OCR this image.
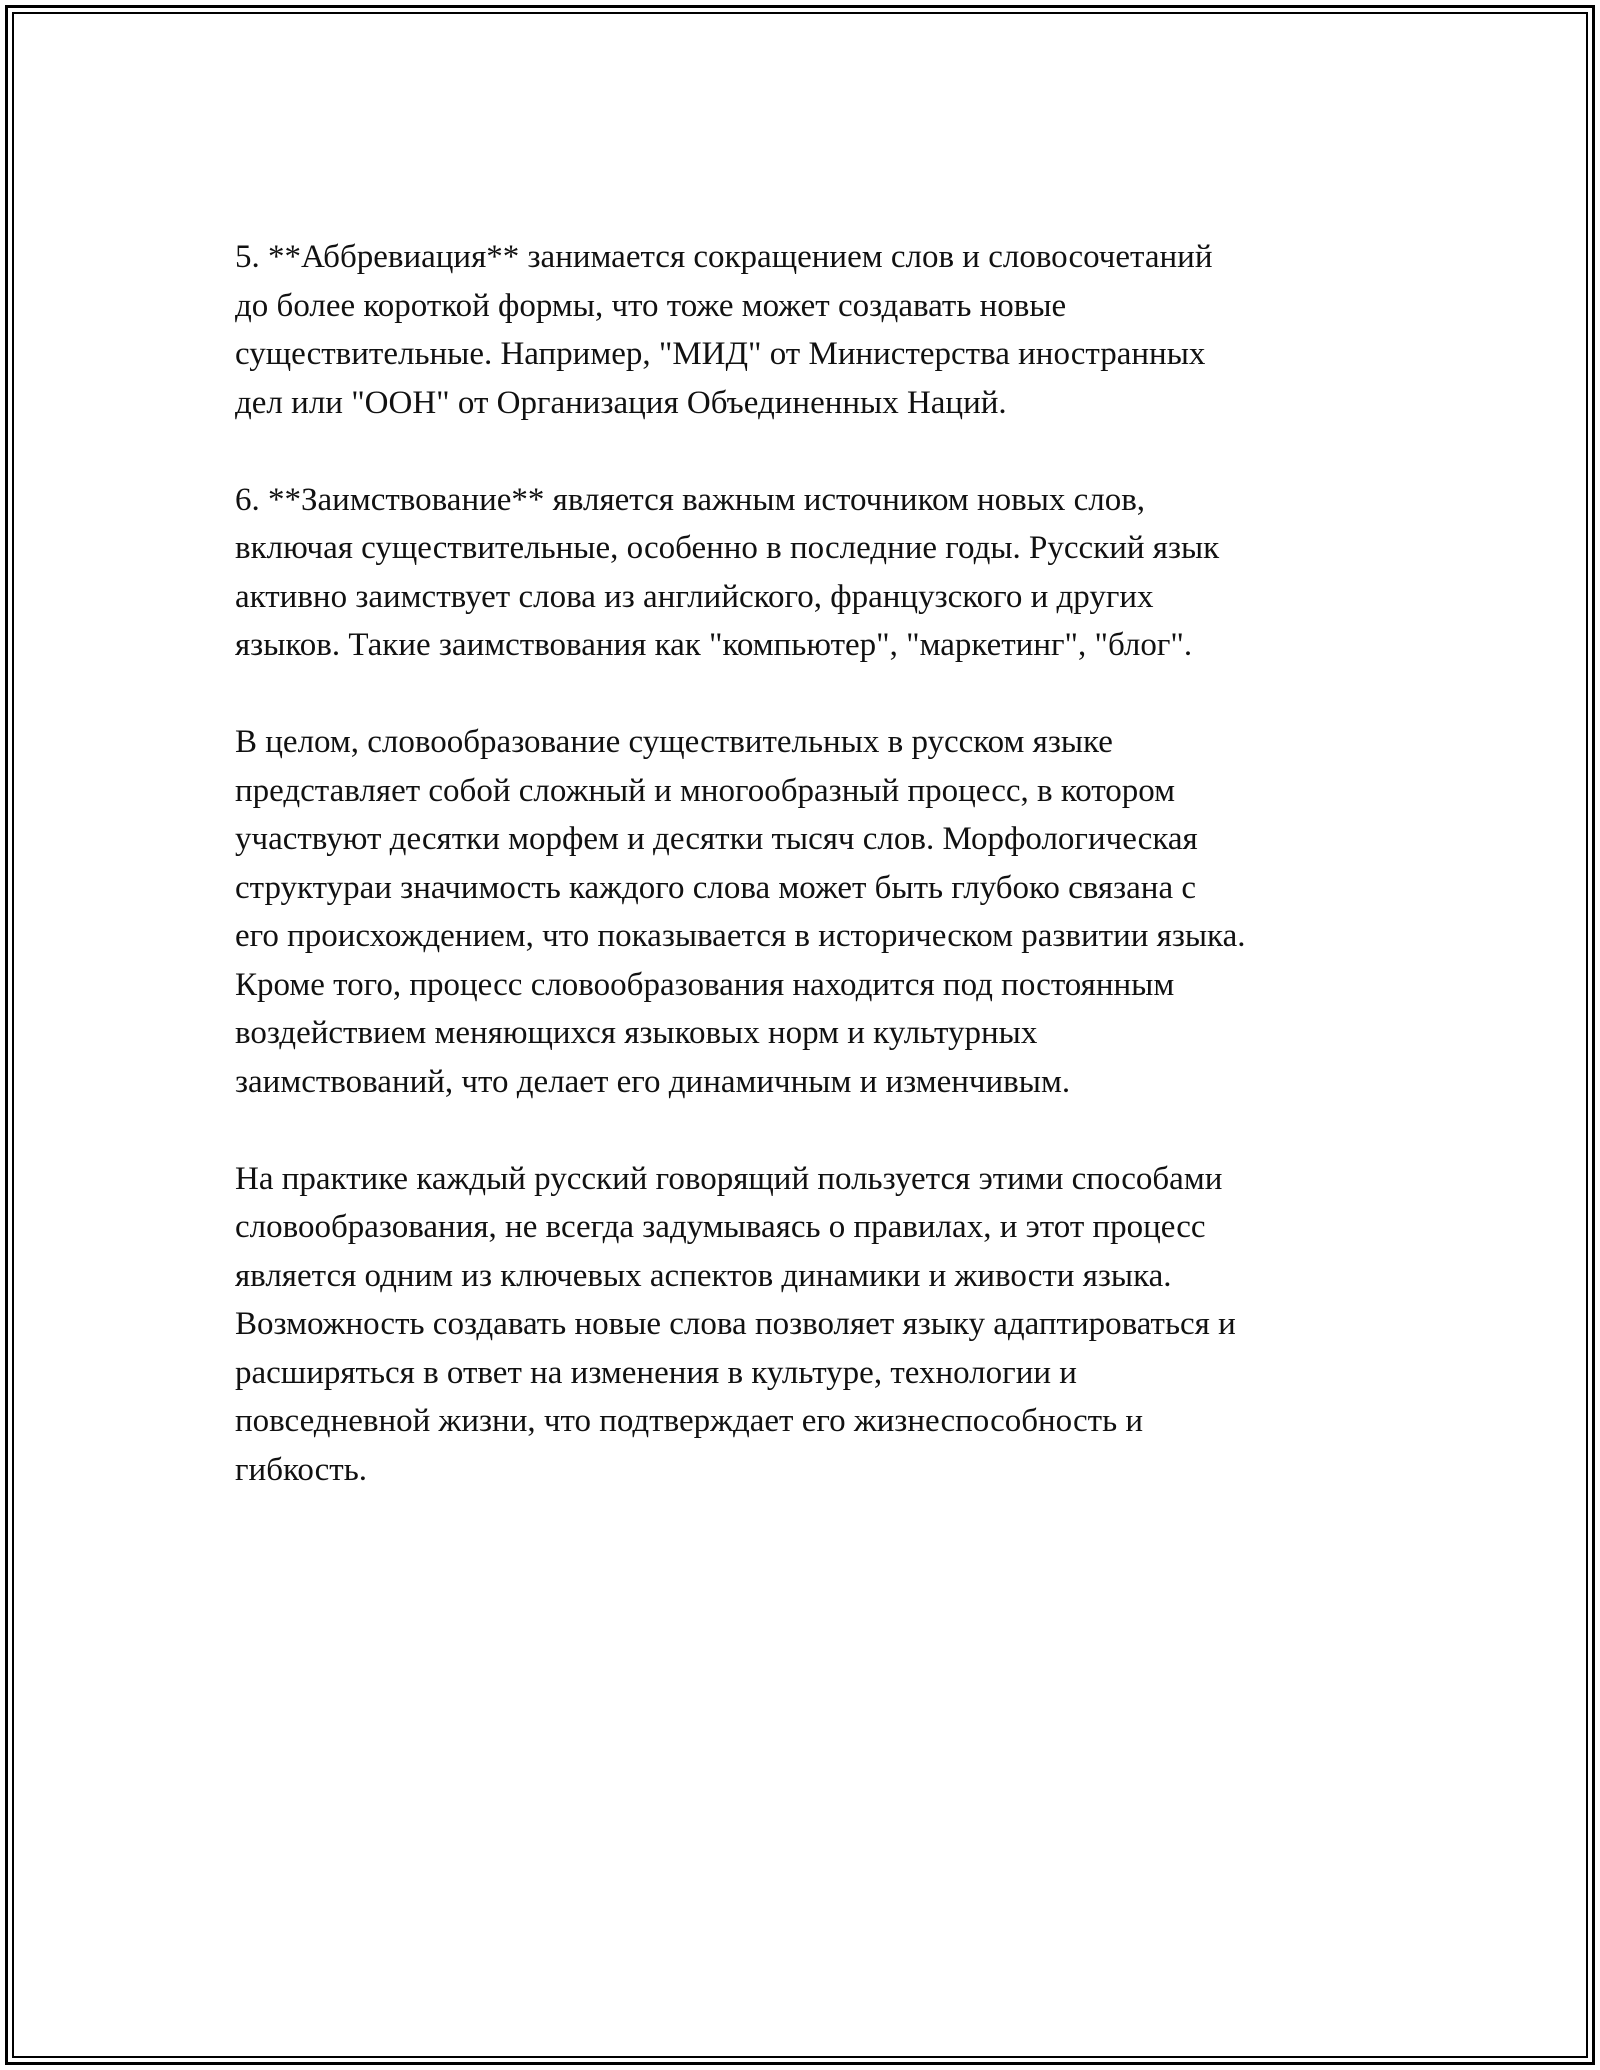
5. **Аббревиация** занимается сокращением слов и словосочетаний
до более короткой формы, что тоже может создавать новые
существительные. Например, "МИД" от Министерства иностранных
дел или "ООН" от Организация Объединенных Наций.

6. **Заимствование** является важным источником новых слов,
включая существительные, особенно в последние годы. Русский язык
активно заимствует слова из английского, французского и других
языков. Такие заимствования как "компьютер", "маркетинг", "блог".

В целом, словообразование существительных в русском языке
представляет собой сложный и многообразный процесс, в котором
участвуют десятки морфем и десятки тысяч слов. Морфологическая
структураи значимость каждого слова может быть глубоко связана с
его происхождением, что показывается в историческом развитии языка.
Кроме того, процесс словообразования находится под постоянным
воздействием меняющихся языковых норм и культурных
заимствований, что делает его динамичным и изменчивым.

На практике каждый русский говорящий пользуется этими способами
словообразования, не всегда задумываясь о правилах, и этот процесс
является одним из ключевых аспектов динамики и живости языка.
Возможность создавать новые слова позволяет языку адаптироваться и
расширяться в ответ на изменения в культуре, технологии и
повседневной жизни, что подтверждает его жизнеспособность и
гибкость.
